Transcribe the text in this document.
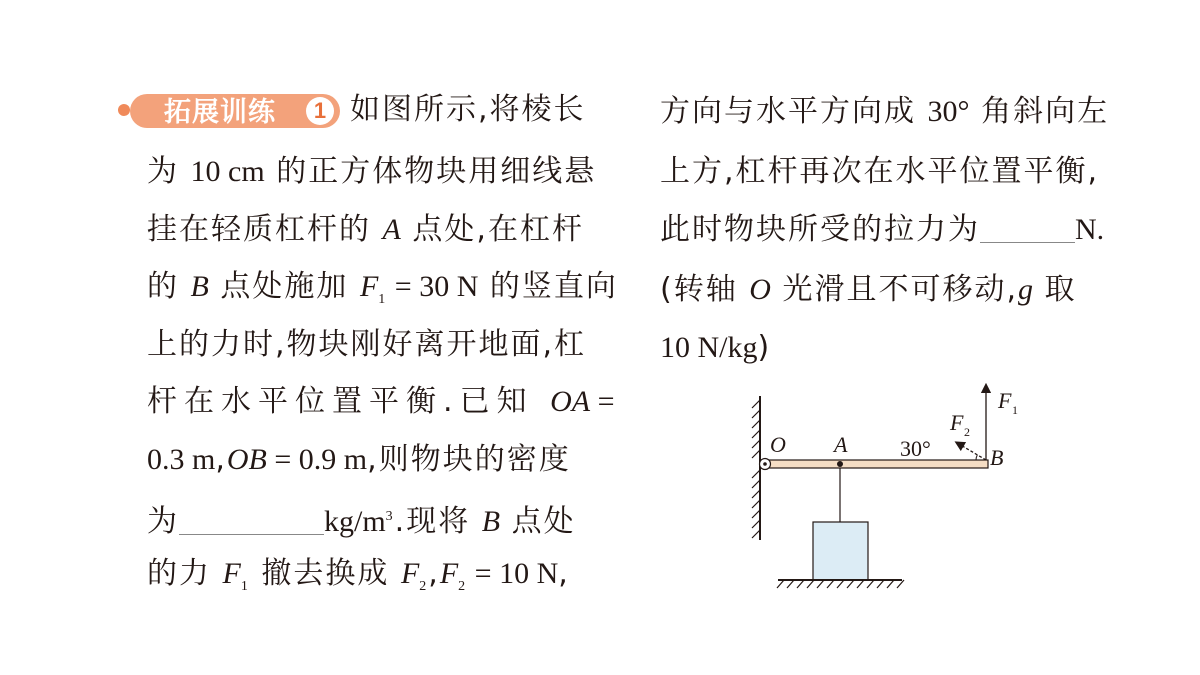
拓展训练	1 如图所示,将棱长
为 10 cm 的正方体物块用细线悬
挂在轻质杠杆的 A 点处,在杠杆
的 B 点处施加 $F_1 = 30$ N 的竖直向
上的力时,物块刚好离开地面,杠
杆在水平位置平衡.已知 OA =
0.3 m,OB = 0.9 m,则物块的密度
为	$kg/m^3$.现将 B 点处
的力 $F_1$ 撤去换成 $F_2,F_2 = 10$ N,
方向与水平方向成 30° 角斜向左
上方,杠杆再次在水平位置平衡,
此时物块所受的拉力为	N.
(转轴 O 光滑且不可移动,g 取
10 N/kg)
O A
B
30°
F 1
F 2
